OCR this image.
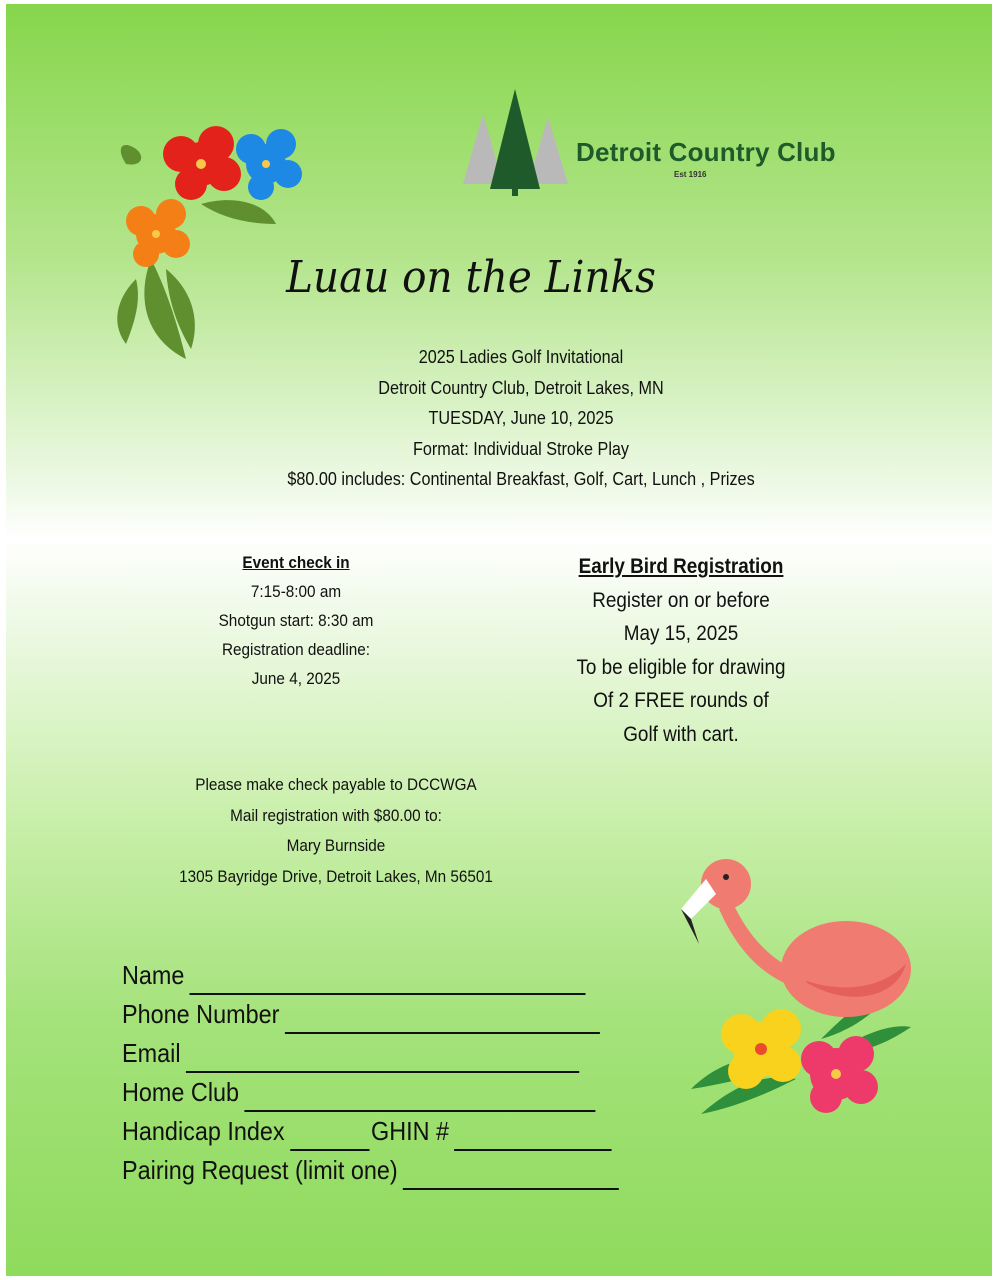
Detroit Country Club
Est 1916
Luau on the Links
2025 Ladies Golf Invitational
Detroit Country Club, Detroit Lakes, MN
TUESDAY, June 10, 2025
Format: Individual Stroke Play
$80.00 includes: Continental Breakfast, Golf, Cart, Lunch , Prizes
Event check in
7:15-8:00 am
Shotgun start: 8:30 am
Registration deadline:
June 4, 2025
Early Bird Registration
Register on or before
May 15, 2025
To be eligible for drawing
Of 2 FREE rounds of
Golf with cart.
Please make check payable to DCCWGA
Mail registration with $80.00 to:
Mary Burnside
1305 Bayridge Drive, Detroit Lakes, Mn 56501
Name
Phone Number
Email
Home Club
Handicap Index	GHIN #
Pairing Request (limit one)
